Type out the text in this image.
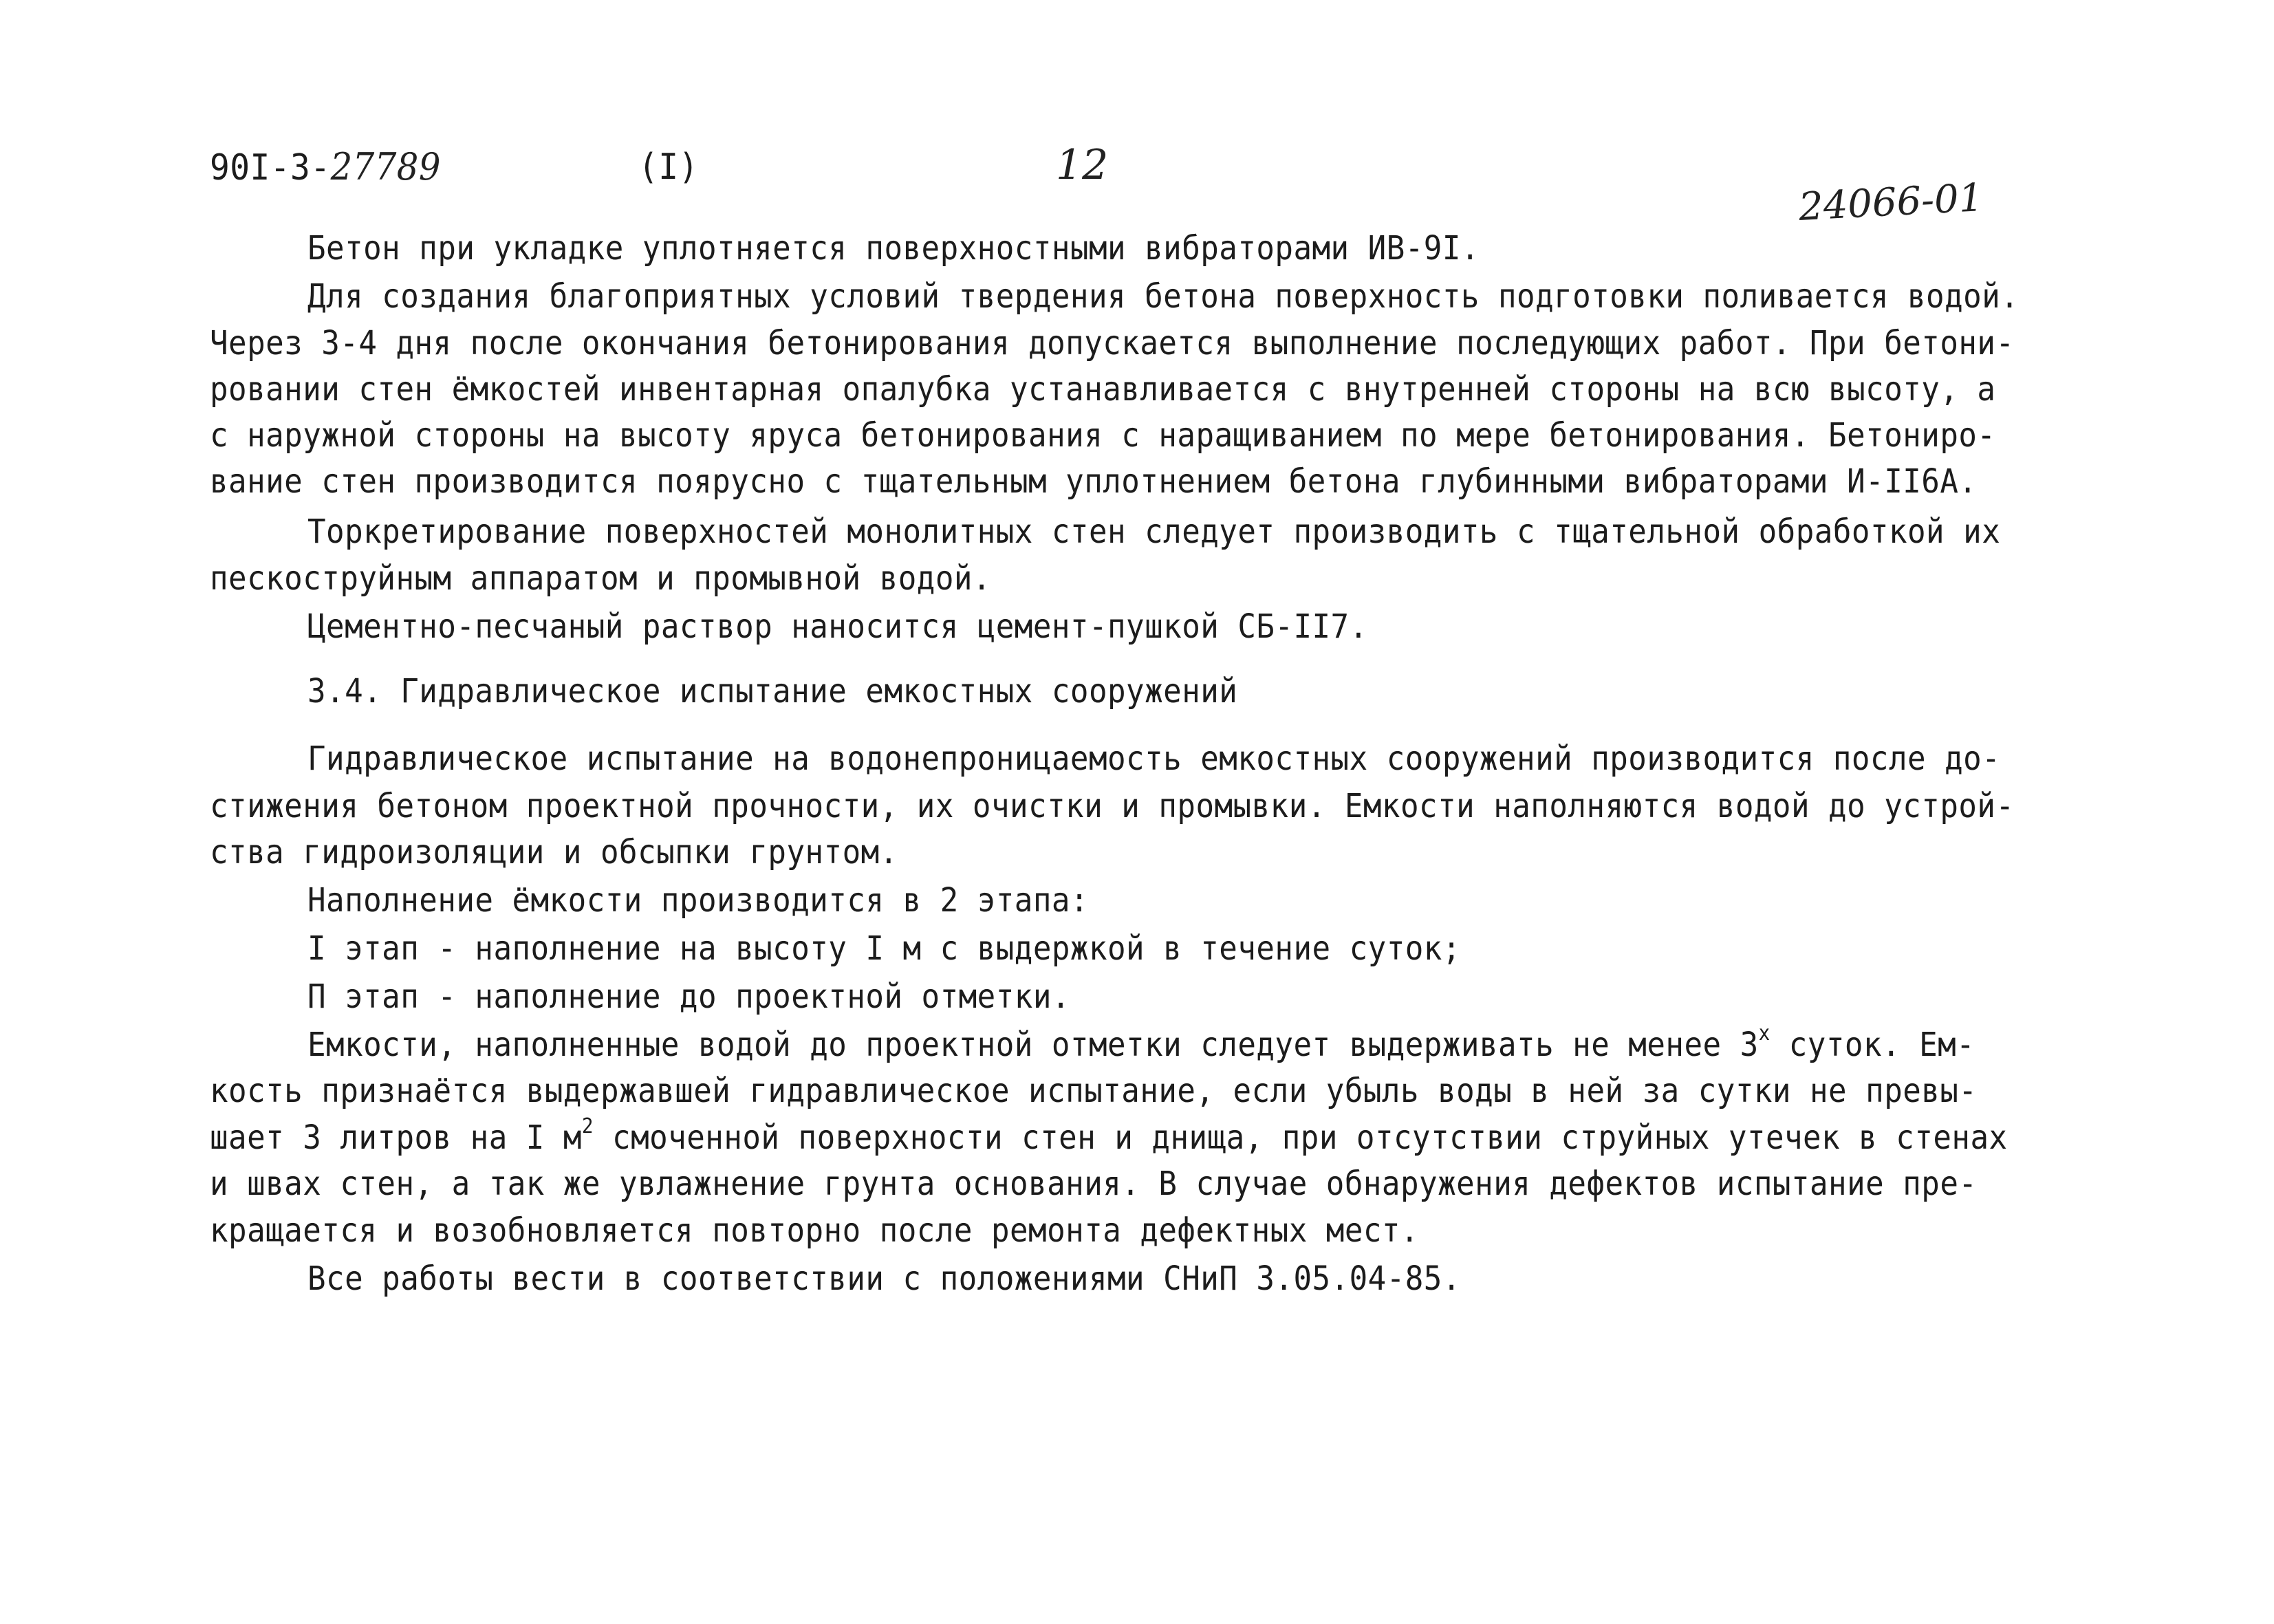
90I-3-27789	(I)	12
24066-01
Бетон при укладке уплотняется поверхностными вибраторами ИВ-9I.
Для создания благоприятных условий твердения бетона поверхность подготовки поливается водой.
Через 3-4 дня после окончания бетонирования допускается выполнение последующих работ. При бетони-
ровании стен ёмкостей инвентарная опалубка устанавливается с внутренней стороны на всю высоту, а
с наружной стороны на высоту яруса бетонирования с наращиванием по мере бетонирования. Бетониро-
вание стен производится поярусно с тщательным уплотнением бетона глубинными вибраторами И-II6А.
Торкретирование поверхностей монолитных стен следует производить с тщательной обработкой их
пескоструйным аппаратом и промывной водой.
Цементно-песчаный раствор наносится цемент-пушкой СБ-II7.
3.4. Гидравлическое испытание емкостных сооружений
Гидравлическое испытание на водонепроницаемость емкостных сооружений производится после до-
стижения бетоном проектной прочности, их очистки и промывки. Емкости наполняются водой до устрой-
ства гидроизоляции и обсыпки грунтом.
Наполнение ёмкости производится в 2 этапа:
I этап - наполнение на высоту I м с выдержкой в течение суток;
П этап - наполнение до проектной отметки.
Емкости, наполненные водой до проектной отметки следует выдерживать не менее $3^х$ суток. Ем-
кость признаётся выдержавшей гидравлическое испытание, если убыль воды в ней за сутки не превы-
шает 3 литров на I $м^2$ смоченной поверхности стен и днища, при отсутствии струйных утечек в стенах
и швах стен, а так же увлажнение грунта основания. В случае обнаружения дефектов испытание пре-
кращается и возобновляется повторно после ремонта дефектных мест.
Все работы вести в соответствии с положениями СНиП 3.05.04-85.
